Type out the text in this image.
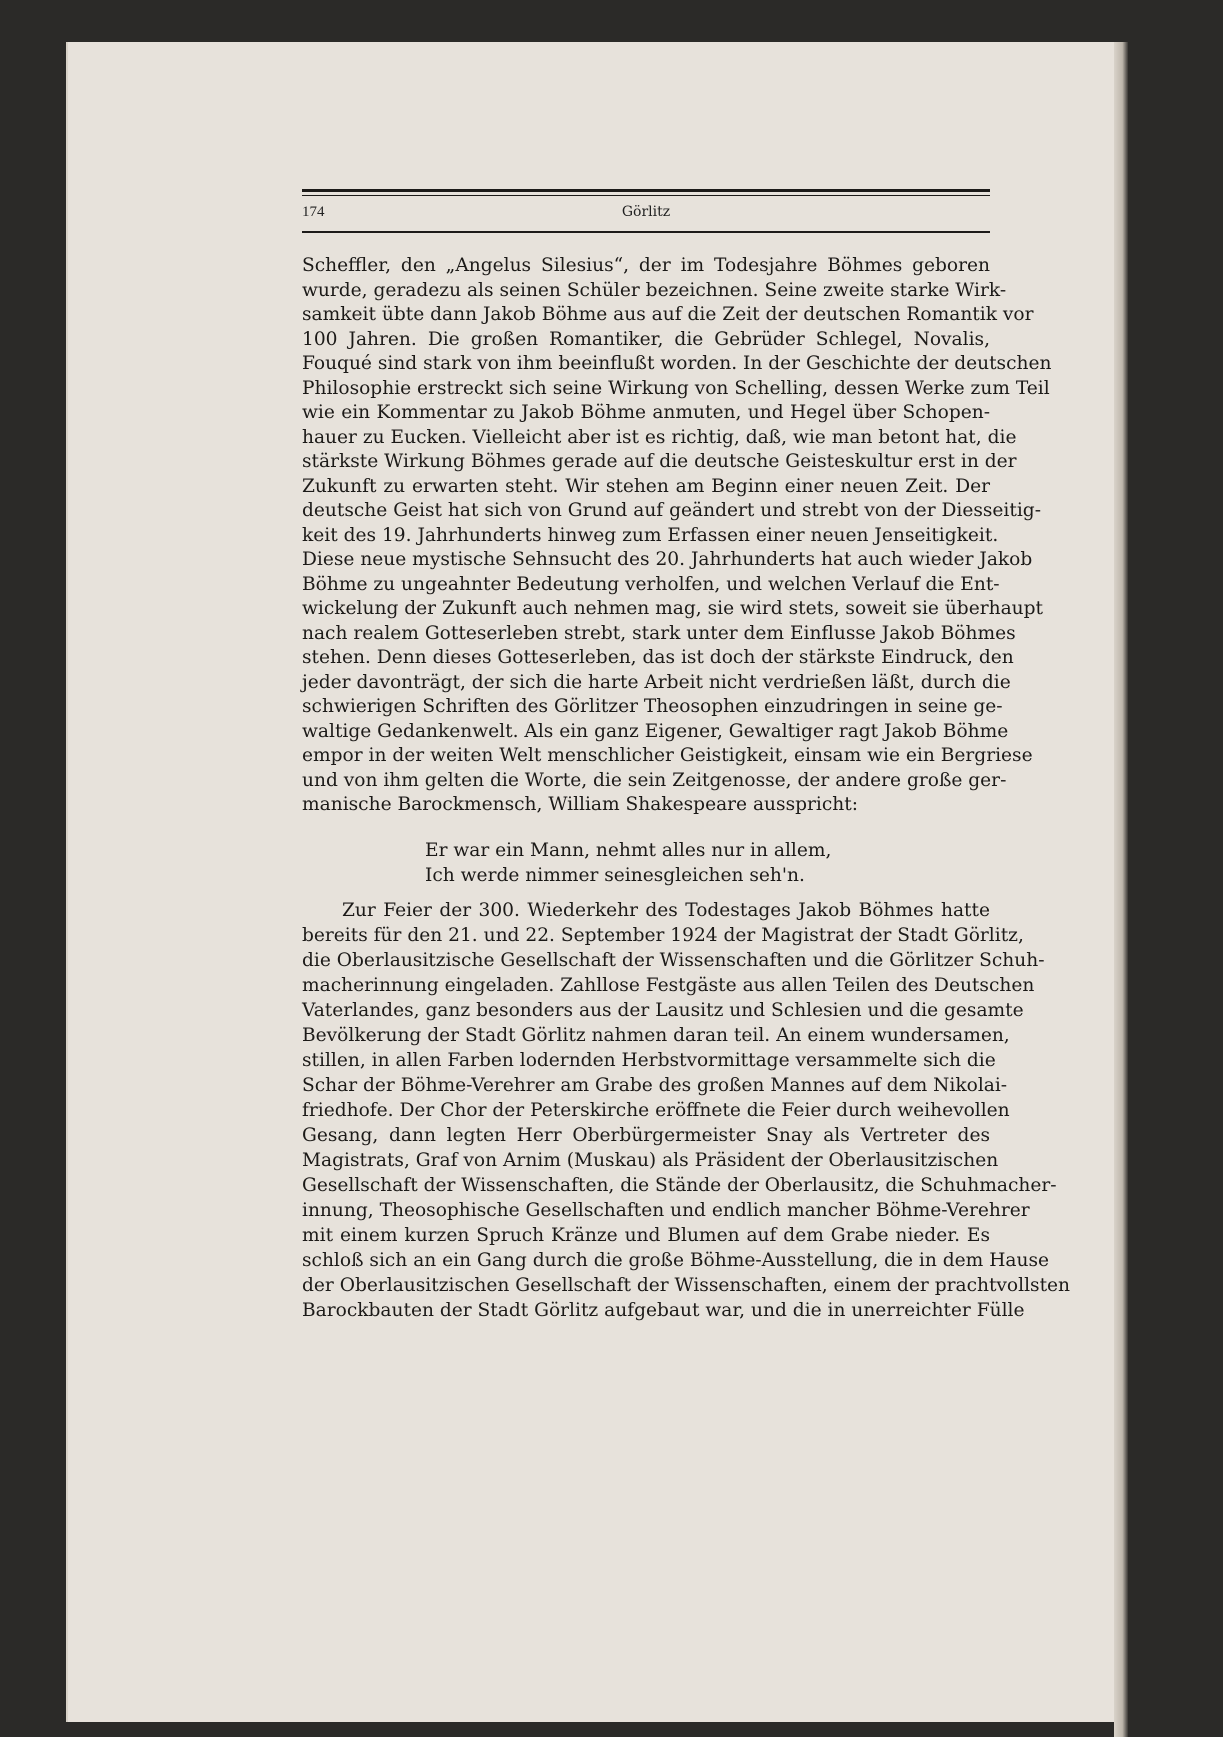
174	Görlitz
Scheffler, den „Angelus Silesius“, der im Todesjahre Böhmes geboren
wurde, geradezu als seinen Schüler bezeichnen. Seine zweite starke Wirk-
samkeit übte dann Jakob Böhme aus auf die Zeit der deutschen Romantik vor
100 Jahren. Die großen Romantiker, die Gebrüder Schlegel, Novalis,
Fouqué sind stark von ihm beeinflußt worden. In der Geschichte der deutschen
Philosophie erstreckt sich seine Wirkung von Schelling, dessen Werke zum Teil
wie ein Kommentar zu Jakob Böhme anmuten, und Hegel über Schopen-
hauer zu Eucken. Vielleicht aber ist es richtig, daß, wie man betont hat, die
stärkste Wirkung Böhmes gerade auf die deutsche Geisteskultur erst in der
Zukunft zu erwarten steht. Wir stehen am Beginn einer neuen Zeit. Der
deutsche Geist hat sich von Grund auf geändert und strebt von der Diesseitig-
keit des 19. Jahrhunderts hinweg zum Erfassen einer neuen Jenseitigkeit.
Diese neue mystische Sehnsucht des 20. Jahrhunderts hat auch wieder Jakob
Böhme zu ungeahnter Bedeutung verholfen, und welchen Verlauf die Ent-
wickelung der Zukunft auch nehmen mag, sie wird stets, soweit sie überhaupt
nach realem Gotteserleben strebt, stark unter dem Einflusse Jakob Böhmes
stehen. Denn dieses Gotteserleben, das ist doch der stärkste Eindruck, den
jeder davonträgt, der sich die harte Arbeit nicht verdrießen läßt, durch die
schwierigen Schriften des Görlitzer Theosophen einzudringen in seine ge-
waltige Gedankenwelt. Als ein ganz Eigener, Gewaltiger ragt Jakob Böhme
empor in der weiten Welt menschlicher Geistigkeit, einsam wie ein Bergriese
und von ihm gelten die Worte, die sein Zeitgenosse, der andere große ger-
manische Barockmensch, William Shakespeare ausspricht:
Er war ein Mann, nehmt alles nur in allem,
Ich werde nimmer seinesgleichen seh'n.
Zur Feier der 300. Wiederkehr des Todestages Jakob Böhmes hatte
bereits für den 21. und 22. September 1924 der Magistrat der Stadt Görlitz,
die Oberlausitzische Gesellschaft der Wissenschaften und die Görlitzer Schuh-
macherinnung eingeladen. Zahllose Festgäste aus allen Teilen des Deutschen
Vaterlandes, ganz besonders aus der Lausitz und Schlesien und die gesamte
Bevölkerung der Stadt Görlitz nahmen daran teil. An einem wundersamen,
stillen, in allen Farben lodernden Herbstvormittage versammelte sich die
Schar der Böhme-Verehrer am Grabe des großen Mannes auf dem Nikolai-
friedhofe. Der Chor der Peterskirche eröffnete die Feier durch weihevollen
Gesang, dann legten Herr Oberbürgermeister Snay als Vertreter des
Magistrats, Graf von Arnim (Muskau) als Präsident der Oberlausitzischen
Gesellschaft der Wissenschaften, die Stände der Oberlausitz, die Schuhmacher-
innung, Theosophische Gesellschaften und endlich mancher Böhme-Verehrer
mit einem kurzen Spruch Kränze und Blumen auf dem Grabe nieder. Es
schloß sich an ein Gang durch die große Böhme-Ausstellung, die in dem Hause
der Oberlausitzischen Gesellschaft der Wissenschaften, einem der prachtvollsten
Barockbauten der Stadt Görlitz aufgebaut war, und die in unerreichter Fülle
